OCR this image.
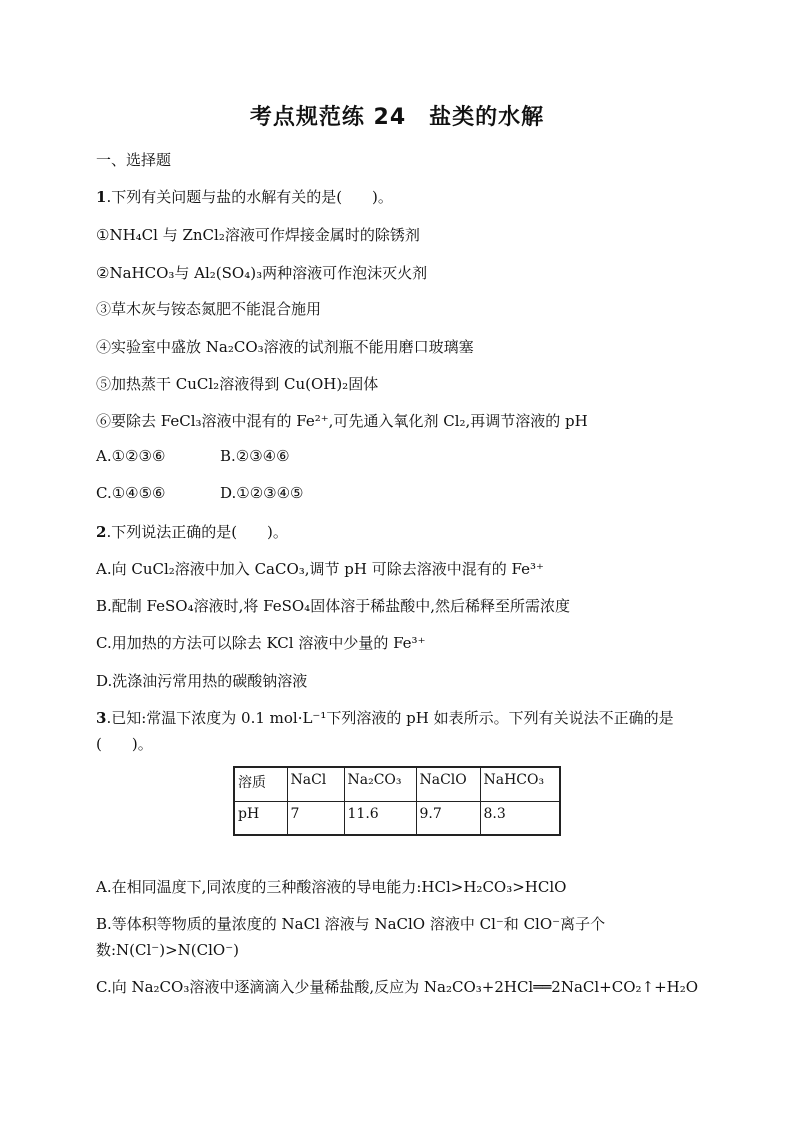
考点规范练 24　盐类的水解
一、选择题
1.下列有关问题与盐的水解有关的是(　　)。
①NH₄Cl 与 ZnCl₂溶液可作焊接金属时的除锈剂
②NaHCO₃与 Al₂(SO₄)₃两种溶液可作泡沫灭火剂
③草木灰与铵态氮肥不能混合施用
④实验室中盛放 Na₂CO₃溶液的试剂瓶不能用磨口玻璃塞
⑤加热蒸干 CuCl₂溶液得到 Cu(OH)₂固体
⑥要除去 FeCl₃溶液中混有的 Fe²⁺,可先通入氧化剂 Cl₂,再调节溶液的 pH
A.①②③⑥	B.②③④⑥
C.①④⑤⑥	D.①②③④⑤
2.下列说法正确的是(　　)。
A.向 CuCl₂溶液中加入 CaCO₃,调节 pH 可除去溶液中混有的 Fe³⁺
B.配制 FeSO₄溶液时,将 FeSO₄固体溶于稀盐酸中,然后稀释至所需浓度
C.用加热的方法可以除去 KCl 溶液中少量的 Fe³⁺
D.洗涤油污常用热的碳酸钠溶液
3.已知:常温下浓度为 0.1 mol·L⁻¹下列溶液的 pH 如表所示。下列有关说法不正确的是
(　　)。
溶质	NaCl	Na₂CO₃	NaClO	NaHCO₃
pH	7	11.6	9.7	8.3
A.在相同温度下,同浓度的三种酸溶液的导电能力:HCl>H₂CO₃>HClO
B.等体积等物质的量浓度的 NaCl 溶液与 NaClO 溶液中 Cl⁻和 ClO⁻离子个
数:N(Cl⁻)>N(ClO⁻)
C.向 Na₂CO₃溶液中逐滴滴入少量稀盐酸,反应为 Na₂CO₃+2HCl══2NaCl+CO₂↑+H₂O
